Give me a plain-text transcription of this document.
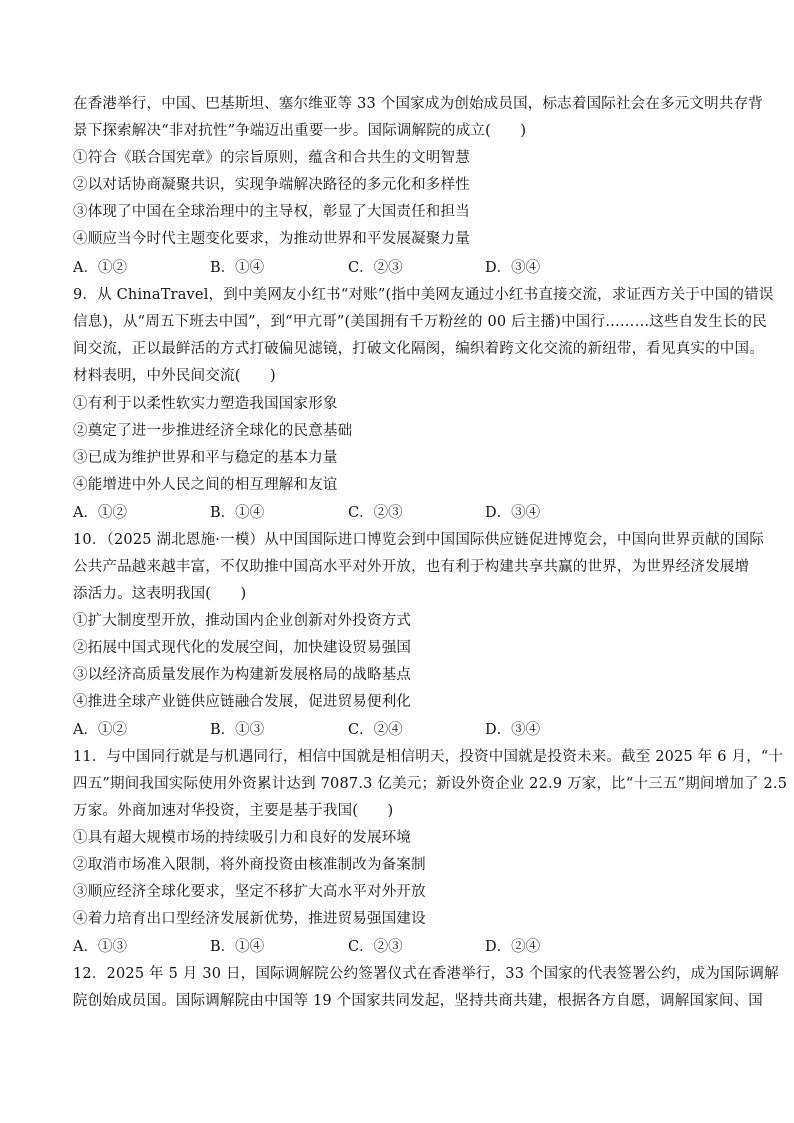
在香港举行，中国、巴基斯坦、塞尔维亚等 33 个国家成为创始成员国，标志着国际社会在多元文明共存背
景下探索解决“非对抗性”争端迈出重要一步。国际调解院的成立(　　)
①符合《联合国宪章》的宗旨原则，蕴含和合共生的文明智慧
②以对话协商凝聚共识，实现争端解决路径的多元化和多样性
③体现了中国在全球治理中的主导权，彰显了大国责任和担当
④顺应当今时代主题变化要求，为推动世界和平发展凝聚力量
A．①②	B．①④	C．②③	D．③④
9．从 ChinaTravel，到中美网友小红书“对账”(指中美网友通过小红书直接交流，求证西方关于中国的错误
信息)，从“周五下班去中国”，到“甲亢哥”(美国拥有千万粉丝的 00 后主播)中国行………这些自发生长的民
间交流，正以最鲜活的方式打破偏见滤镜，打破文化隔阂，编织着跨文化交流的新纽带，看见真实的中国。
材料表明，中外民间交流(　　)
①有利于以柔性软实力塑造我国国家形象
②奠定了进一步推进经济全球化的民意基础
③已成为维护世界和平与稳定的基本力量
④能增进中外人民之间的相互理解和友谊
A．①②	B．①④	C．②③	D．③④
10．（2025 湖北恩施·一模）从中国国际进口博览会到中国国际供应链促进博览会，中国向世界贡献的国际
公共产品越来越丰富，不仅助推中国高水平对外开放，也有利于构建共享共赢的世界，为世界经济发展增
添活力。这表明我国(　　)
①扩大制度型开放，推动国内企业创新对外投资方式
②拓展中国式现代化的发展空间，加快建设贸易强国
③以经济高质量发展作为构建新发展格局的战略基点
④推进全球产业链供应链融合发展，促进贸易便利化
A．①②	B．①③	C．②④	D．③④
11．与中国同行就是与机遇同行，相信中国就是相信明天，投资中国就是投资未来。截至 2025 年 6 月，“十
四五”期间我国实际使用外资累计达到 7087.3 亿美元；新设外资企业 22.9 万家，比“十三五”期间增加了 2.5
万家。外商加速对华投资，主要是基于我国(　　)
①具有超大规模市场的持续吸引力和良好的发展环境
②取消市场准入限制，将外商投资由核准制改为备案制
③顺应经济全球化要求，坚定不移扩大高水平对外开放
④着力培育出口型经济发展新优势，推进贸易强国建设
A．①③	B．①④	C．②③	D．②④
12．2025 年 5 月 30 日，国际调解院公约签署仪式在香港举行，33 个国家的代表签署公约，成为国际调解
院创始成员国。国际调解院由中国等 19 个国家共同发起，坚持共商共建，根据各方自愿，调解国家间、国
